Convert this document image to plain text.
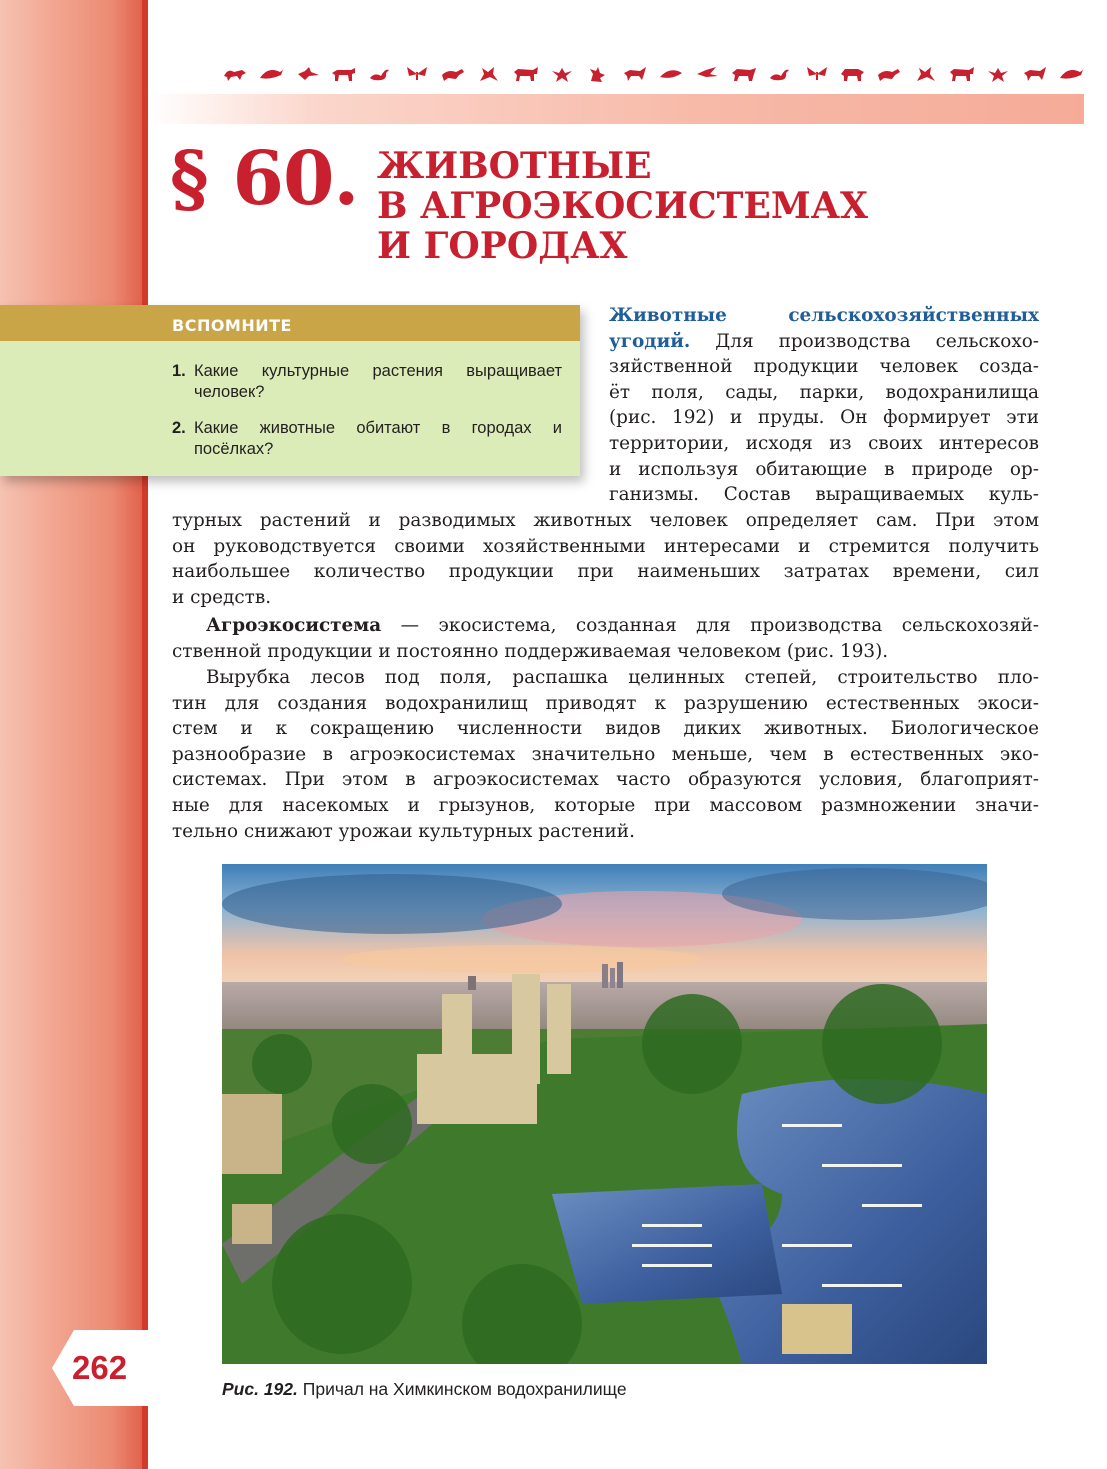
§ 60. ЖИВОТНЫЕ
В АГРОЭКОСИСТЕМАХ
И ГОРОДАХ
ВСПОМНИТЕ
1. Какие культурные растения выращивает человек?
2. Какие животные обитают в городах и посёлках?
Животные сельскохозяйственных
угодий. Для производства сельскохо-
зяйственной продукции человек созда-
ёт поля, сады, парки, водохранилища
(рис. 192) и пруды. Он формирует эти
территории, исходя из своих интересов
и используя обитающие в природе ор-
ганизмы. Состав выращиваемых куль-
турных растений и разводимых животных человек определяет сам. При этом
он руководствуется своими хозяйственными интересами и стремится получить
наибольшее количество продукции при наименьших затратах времени, сил
и средств.
Агроэкосистема — экосистема, созданная для производства сельскохозяй-
ственной продукции и постоянно поддерживаемая человеком (рис. 193).
Вырубка лесов под поля, распашка целинных степей, строительство пло-
тин для создания водохранилищ приводят к разрушению естественных экоси-
стем и к сокращению численности видов диких животных. Биологическое
разнообразие в агроэкосистемах значительно меньше, чем в естественных эко-
системах. При этом в агроэкосистемах часто образуются условия, благоприят-
ные для насекомых и грызунов, которые при массовом размножении значи-
тельно снижают урожаи культурных растений.
Рис. 192. Причал на Химкинском водохранилище
262
